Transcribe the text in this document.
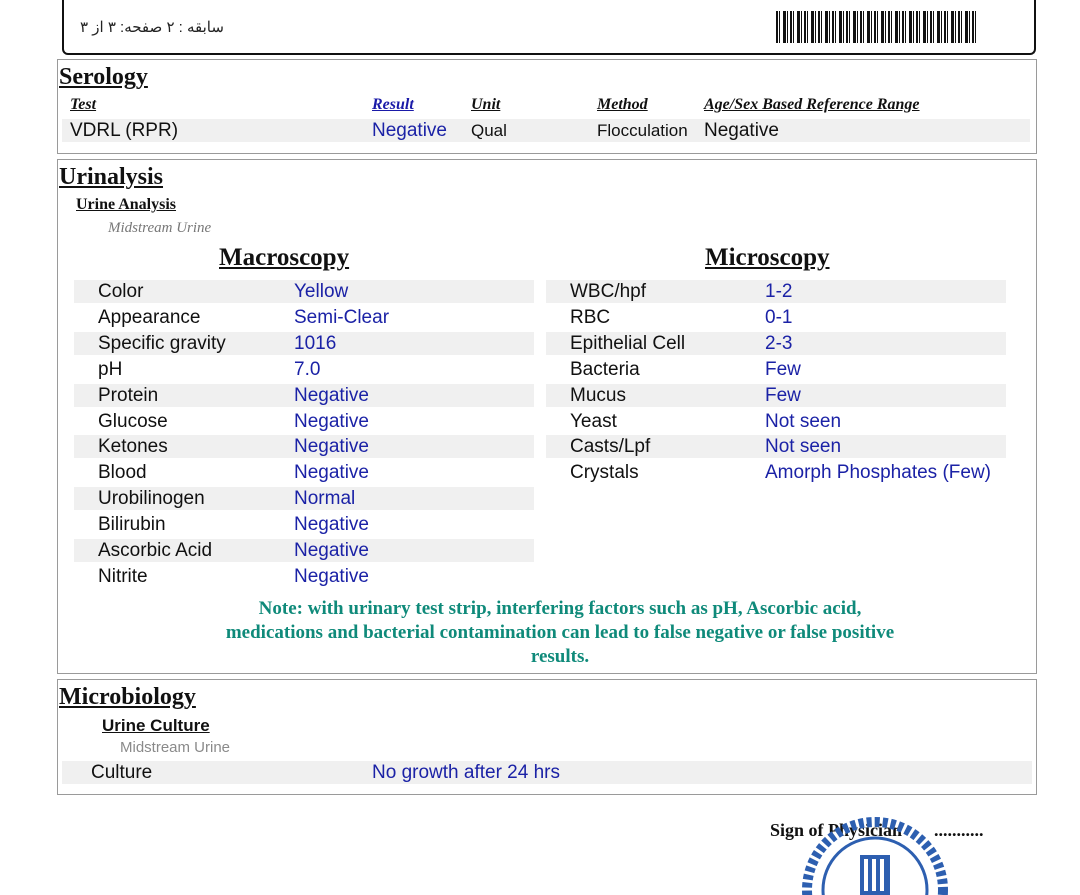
سابقه : ۲ صفحه: ۳ از ۳
Serology
Test	Result	Unit	Method	Age/Sex Based Reference Range
VDRL (RPR)	Negative Qual	Flocculation Negative
Urinalysis
Urine Analysis
Midstream Urine
Macroscopy	Microscopy
Color	Yellow
Appearance	Semi-Clear
Specific gravity	1016
pH	7.0
Protein	Negative
Glucose	Negative
Ketones	Negative
Blood	Negative
Urobilinogen	Normal
Bilirubin	Negative
Ascorbic Acid	Negative
Nitrite	Negative
WBC/hpf	1-2
RBC	0-1
Epithelial Cell	2-3
Bacteria	Few
Mucus	Few
Yeast	Not seen
Casts/Lpf	Not seen
Crystals	Amorph Phosphates (Few)
Note: with urinary test strip, interfering factors such as pH, Ascorbic acid,
medications and bacterial contamination can lead to false negative or false positive
results.
Microbiology
Urine Culture
Midstream Urine
Culture	No growth after 24 hrs
Sign of Physician ...........
